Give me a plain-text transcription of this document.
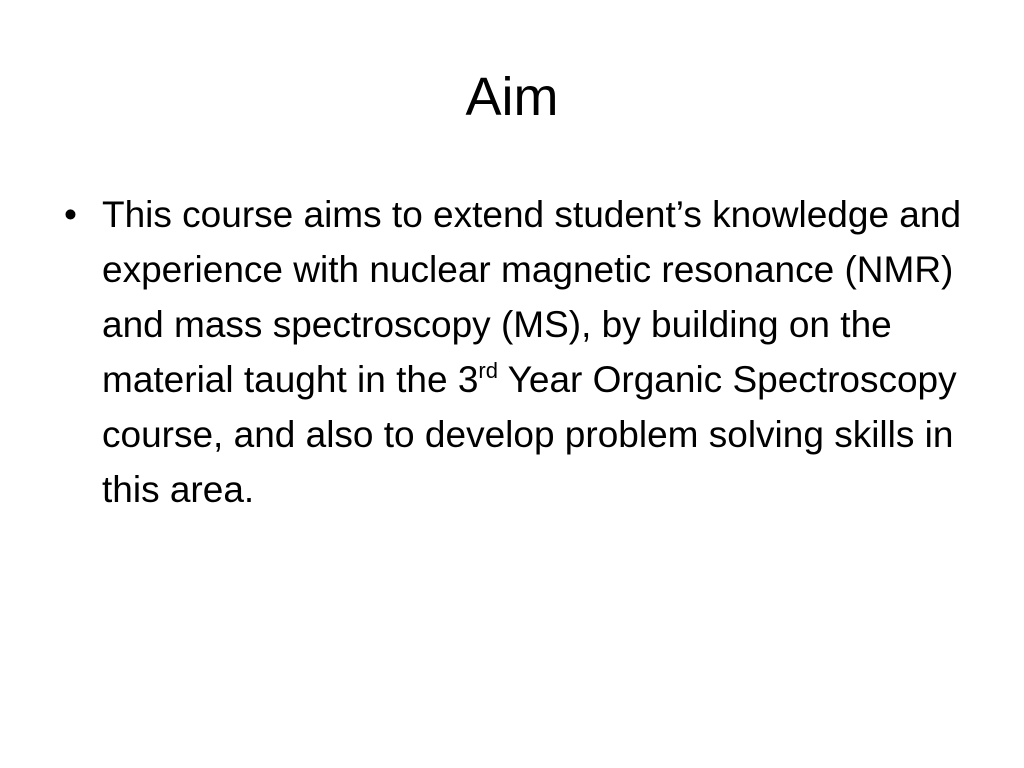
Aim
• This course aims to extend student’s knowledge and experience with nuclear magnetic resonance (NMR) and mass spectroscopy (MS), by building on the material taught in the 3rd Year Organic Spectroscopy course, and also to develop problem solving skills in this area.
